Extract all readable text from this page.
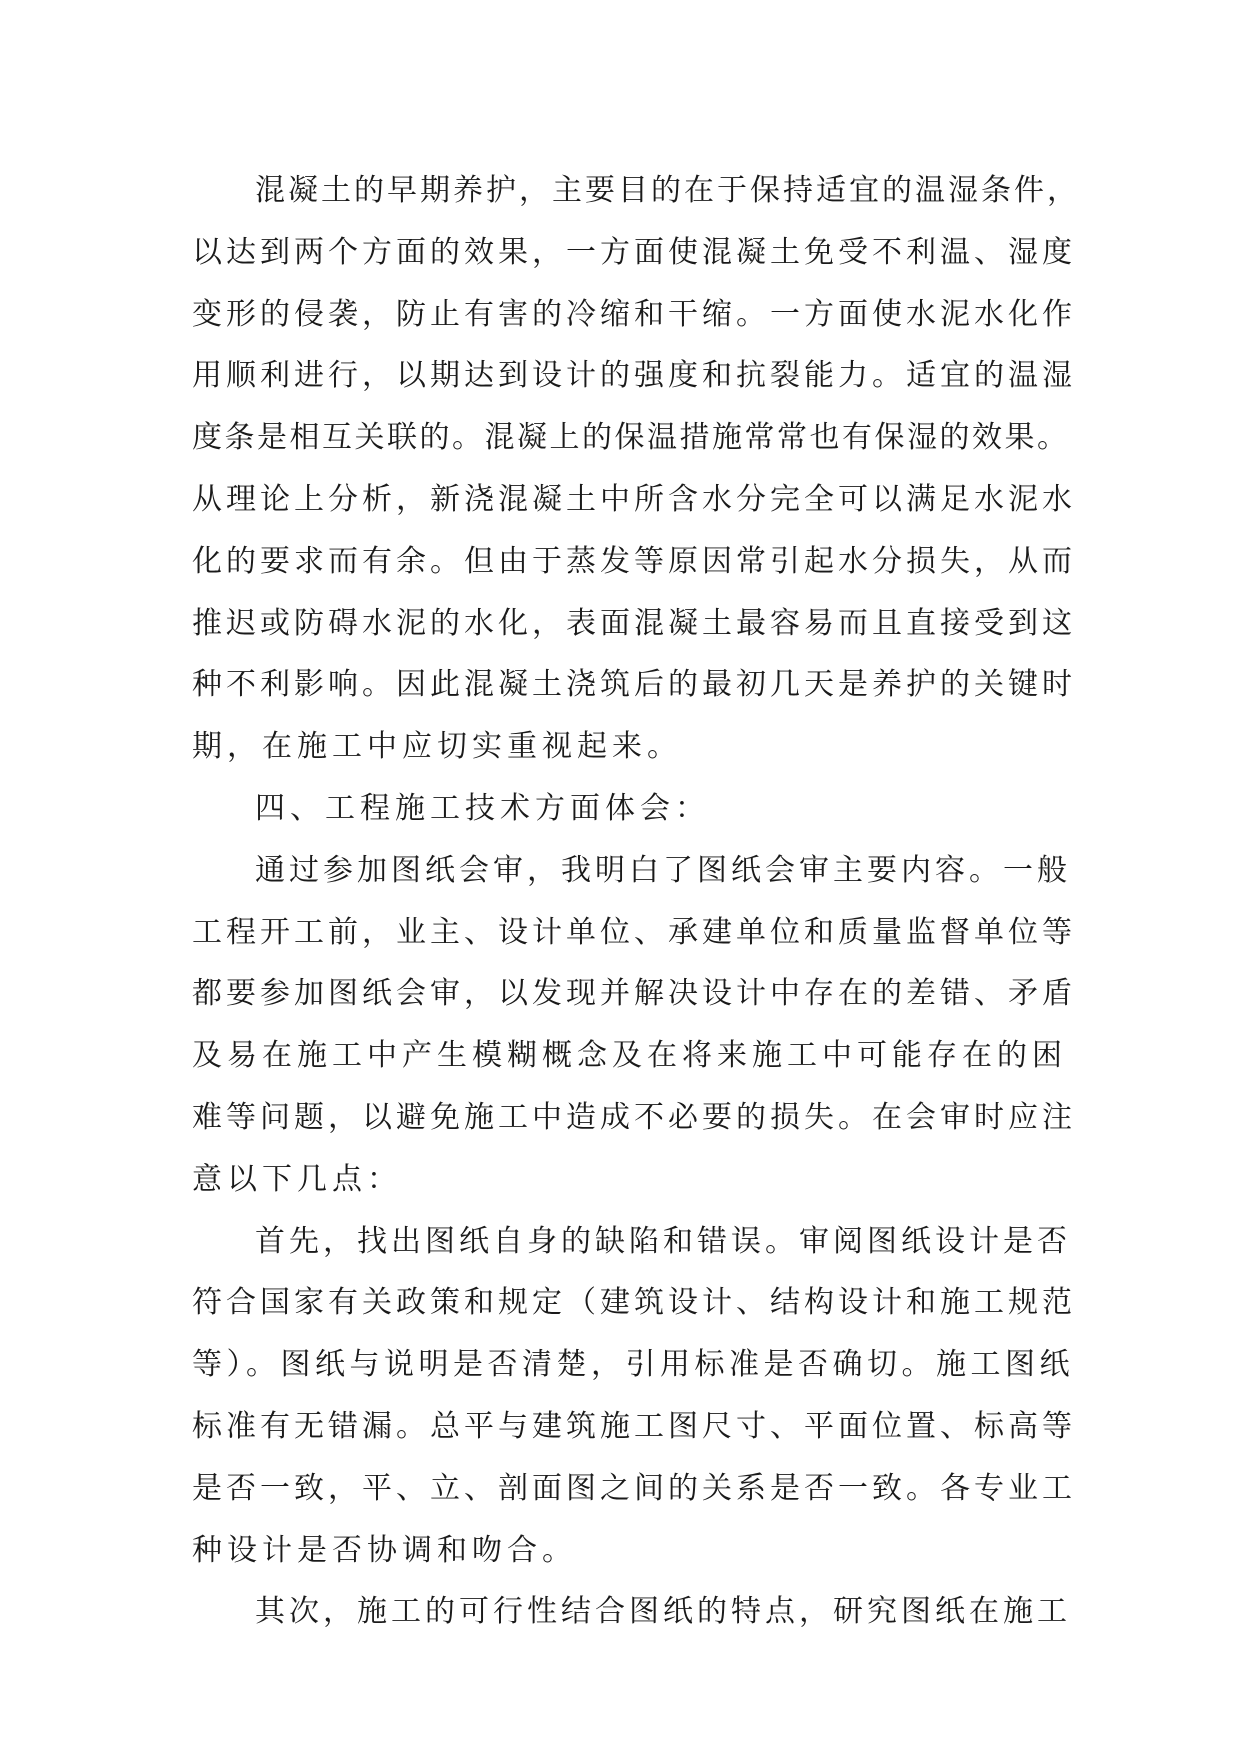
混凝土的早期养护，主要目的在于保持适宜的温湿条件，

以达到两个方面的效果，一方面使混凝土免受不利温、湿度

变形的侵袭，防止有害的冷缩和干缩。一方面使水泥水化作

用顺利进行，以期达到设计的强度和抗裂能力。适宜的温湿

度条是相互关联的。混凝上的保温措施常常也有保湿的效果。

从理论上分析，新浇混凝土中所含水分完全可以满足水泥水

化的要求而有余。但由于蒸发等原因常引起水分损失，从而

推迟或防碍水泥的水化，表面混凝土最容易而且直接受到这

种不利影响。因此混凝土浇筑后的最初几天是养护的关键时

期，在施工中应切实重视起来。

四、工程施工技术方面体会：

通过参加图纸会审，我明白了图纸会审主要内容。一般

工程开工前，业主、设计单位、承建单位和质量监督单位等

都要参加图纸会审，以发现并解决设计中存在的差错、矛盾

及易在施工中产生模糊概念及在将来施工中可能存在的困

难等问题，以避免施工中造成不必要的损失。在会审时应注

意以下几点：

首先，找出图纸自身的缺陷和错误。审阅图纸设计是否

符合国家有关政策和规定（建筑设计、结构设计和施工规范

等）。图纸与说明是否清楚，引用标准是否确切。施工图纸

标准有无错漏。总平与建筑施工图尺寸、平面位置、标高等

是否一致，平、立、剖面图之间的关系是否一致。各专业工

种设计是否协调和吻合。

其次，施工的可行性结合图纸的特点，研究图纸在施工
